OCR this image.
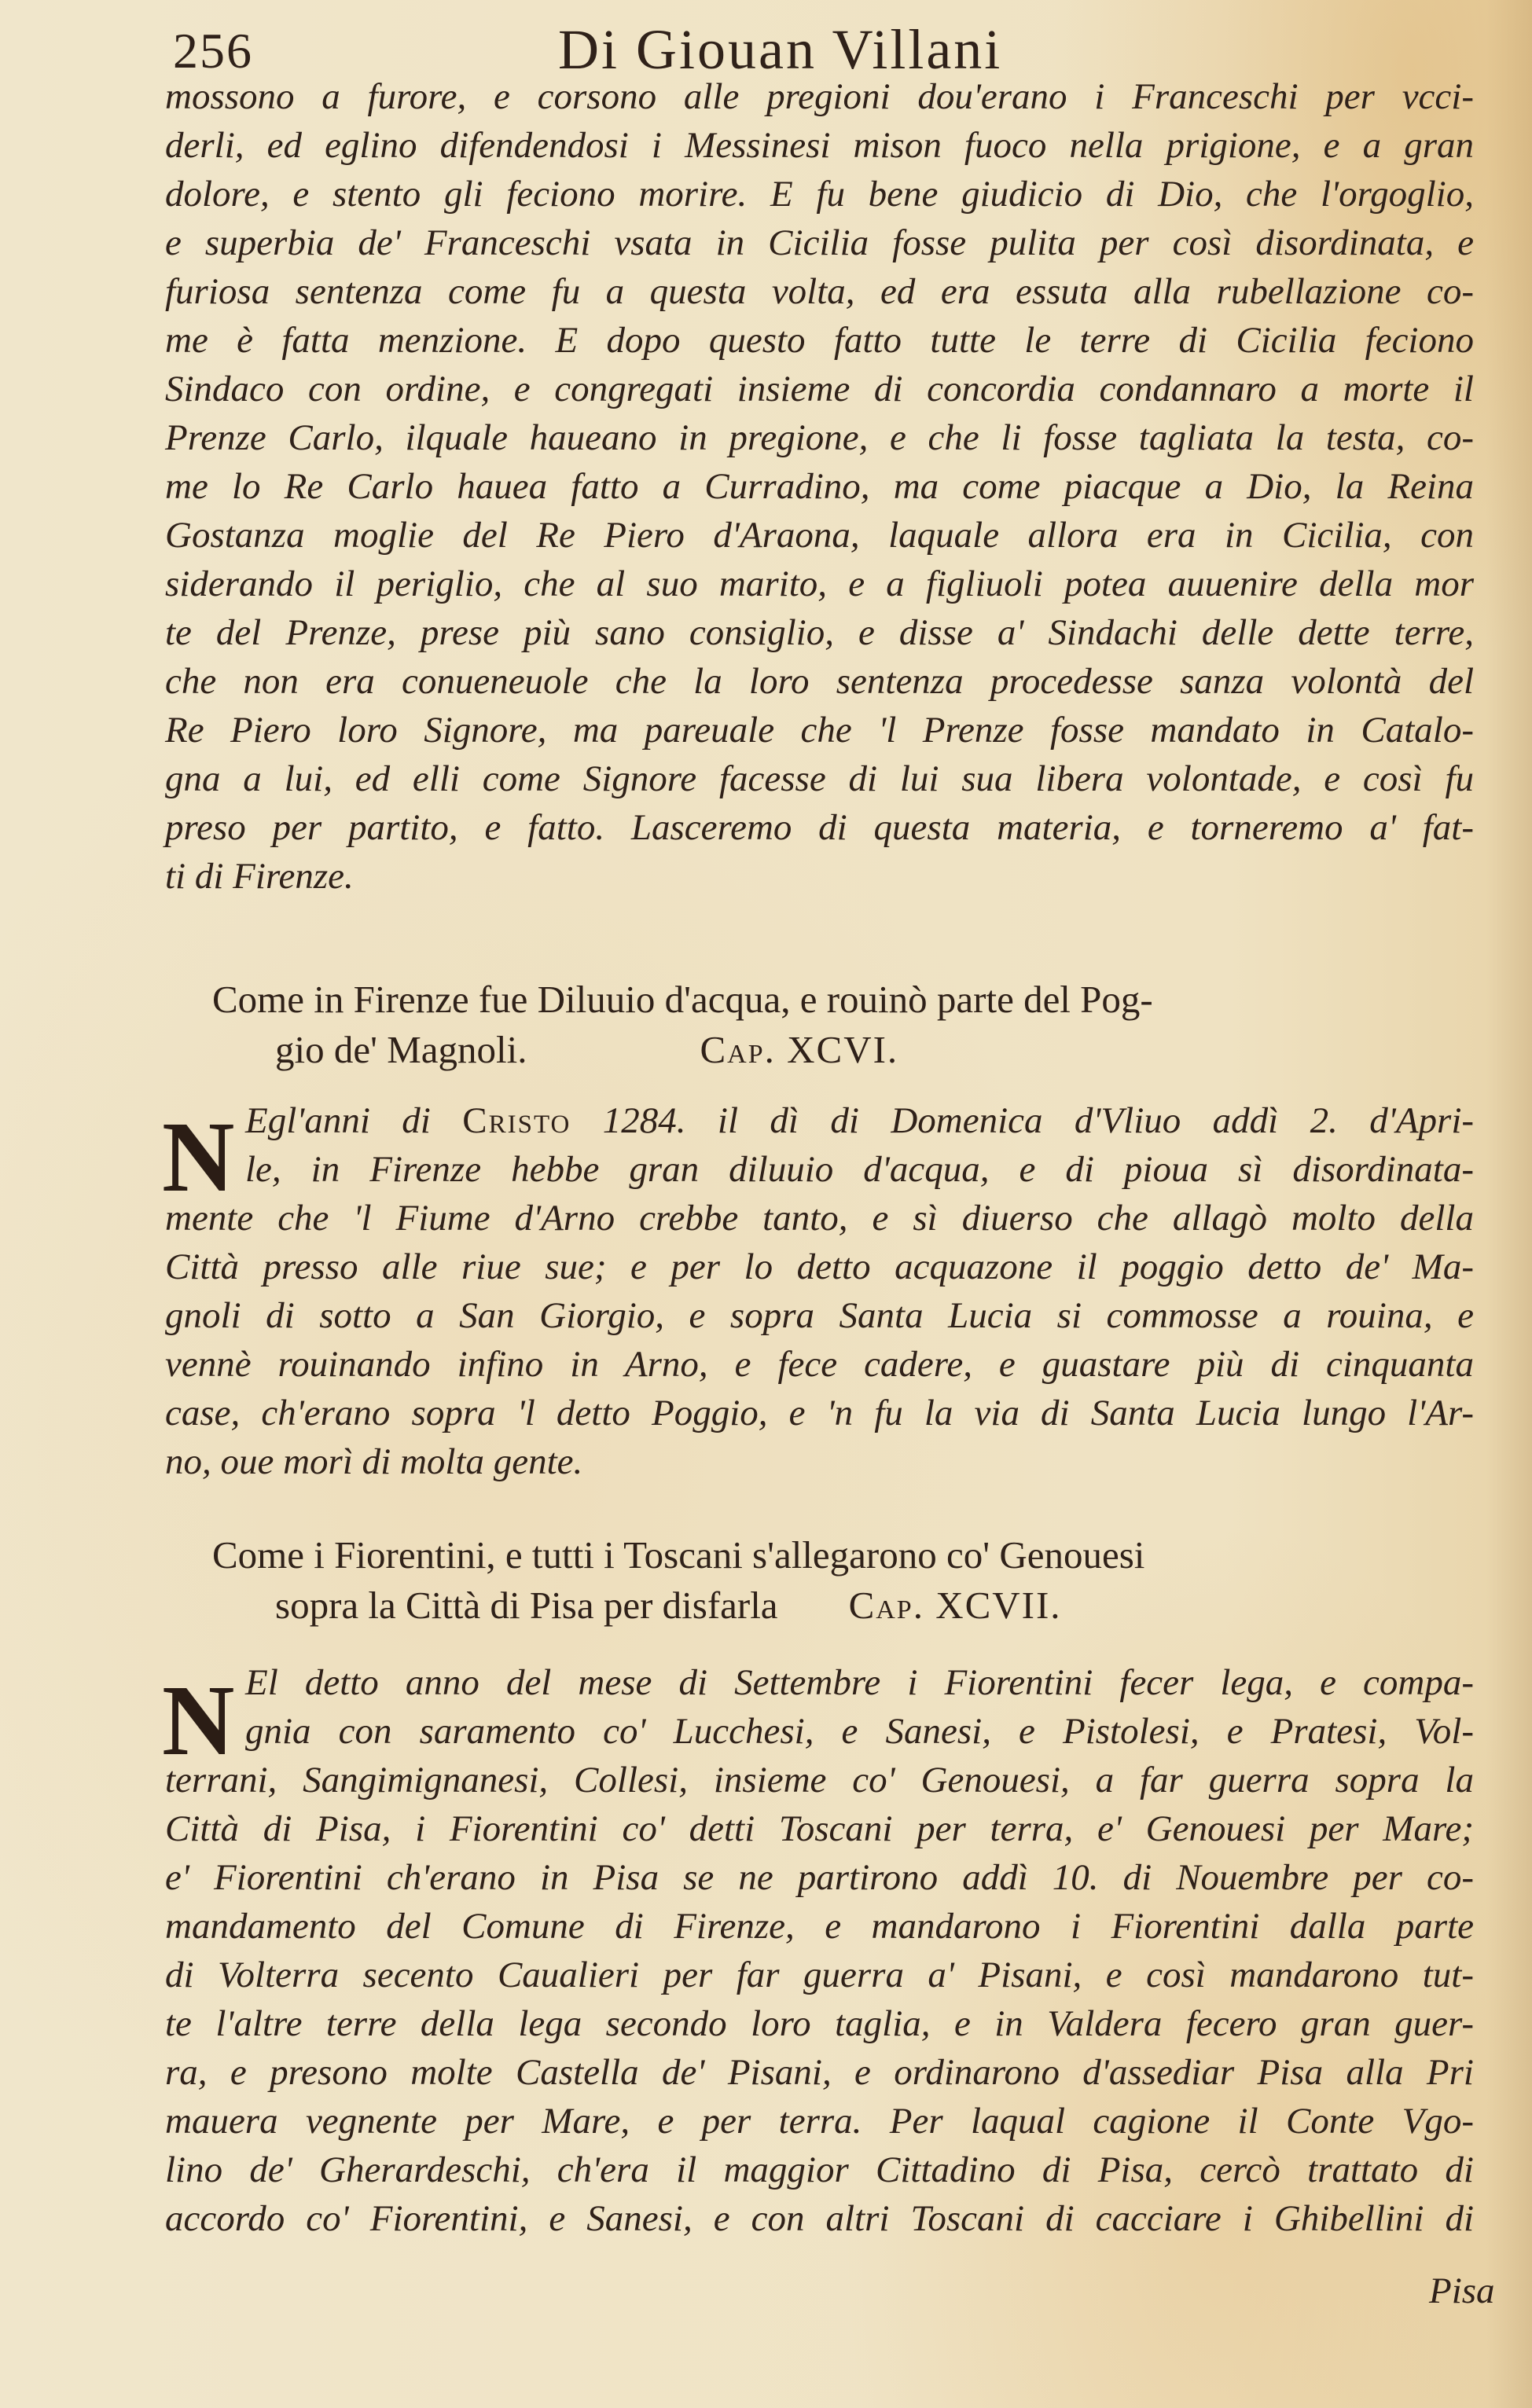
256	Di Giouan Villani
mossono a furore, e corsono alle pregioni dou'erano i Franceschi per vcci-
derli, ed eglino difendendosi i Messinesi mison fuoco nella prigione, e a gran
dolore, e stento gli feciono morire. E fu bene giudicio di Dio, che l'orgoglio,
e superbia de' Franceschi vsata in Cicilia fosse pulita per così disordinata, e
furiosa sentenza come fu a questa volta, ed era essuta alla rubellazione co-
me è fatta menzione. E dopo questo fatto tutte le terre di Cicilia feciono
Sindaco con ordine, e congregati insieme di concordia condannaro a morte il
Prenze Carlo, ilquale haueano in pregione, e che li fosse tagliata la testa, co-
me lo Re Carlo hauea fatto a Curradino, ma come piacque a Dio, la Reina
Gostanza moglie del Re Piero d'Araona, laquale allora era in Cicilia, con
siderando il periglio, che al suo marito, e a figliuoli potea auuenire della mor
te del Prenze, prese più sano consiglio, e disse a' Sindachi delle dette terre,
che non era conueneuole che la loro sentenza procedesse sanza volontà del
Re Piero loro Signore, ma pareuale che 'l Prenze fosse mandato in Catalo-
gna a lui, ed elli come Signore facesse di lui sua libera volontade, e così fu
preso per partito, e fatto. Lasceremo di questa materia, e torneremo a' fat-
ti di Firenze.
Come in Firenze fue Diluuio d'acqua, e rouinò parte del Pog-
gio de' Magnoli.	Cap. XCVI.
N Egl'anni di Cristo 1284. il dì di Domenica d'Vliuo addì 2. d'Apri-
le, in Firenze hebbe gran diluuio d'acqua, e di pioua sì disordinata-
mente che 'l Fiume d'Arno crebbe tanto, e sì diuerso che allagò molto della
Città presso alle riue sue; e per lo detto acquazone il poggio detto de' Ma-
gnoli di sotto a San Giorgio, e sopra Santa Lucia si commosse a rouina, e
vennè rouinando infino in Arno, e fece cadere, e guastare più di cinquanta
case, ch'erano sopra 'l detto Poggio, e 'n fu la via di Santa Lucia lungo l'Ar-
no, oue morì di molta gente.
Come i Fiorentini, e tutti i Toscani s'allegarono co' Genouesi
sopra la Città di Pisa per disfarla Cap. XCVII.
N El detto anno del mese di Settembre i Fiorentini fecer lega, e compa-
gnia con saramento co' Lucchesi, e Sanesi, e Pistolesi, e Pratesi, Vol-
terrani, Sangimignanesi, Collesi, insieme co' Genouesi, a far guerra sopra la
Città di Pisa, i Fiorentini co' detti Toscani per terra, e' Genouesi per Mare;
e' Fiorentini ch'erano in Pisa se ne partirono addì 10. di Nouembre per co-
mandamento del Comune di Firenze, e mandarono i Fiorentini dalla parte
di Volterra secento Caualieri per far guerra a' Pisani, e così mandarono tut-
te l'altre terre della lega secondo loro taglia, e in Valdera fecero gran guer-
ra, e presono molte Castella de' Pisani, e ordinarono d'assediar Pisa alla Pri
mauera vegnente per Mare, e per terra. Per laqual cagione il Conte Vgo-
lino de' Gherardeschi, ch'era il maggior Cittadino di Pisa, cercò trattato di
accordo co' Fiorentini, e Sanesi, e con altri Toscani di cacciare i Ghibellini di
Pisa
